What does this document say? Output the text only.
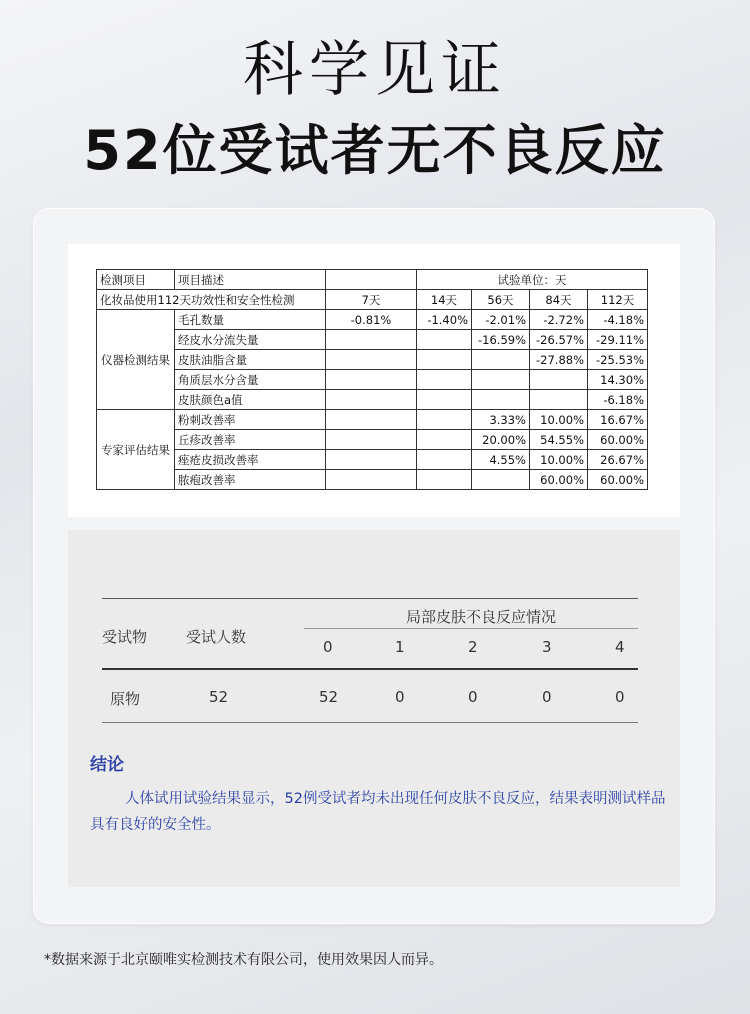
科学见证
52位受试者无不良反应
检测项目	项目描述		试验单位：天			
化妆品使用112天功效性和安全性检测		7天	14天	56天	84天	112天
仪器检测结果	毛孔数量	-0.81%	-1.40%	-2.01%	-2.72%	-4.18%
	经皮水分流失量			-16.59%	-26.57%	-29.11%
	皮肤油脂含量				-27.88%	-25.53%
	角质层水分含量					14.30%
	皮肤颜色a值					-6.18%
专家评估结果	粉刺改善率			3.33%	10.00%	16.67%
	丘疹改善率			20.00%	54.55%	60.00%
	痤疮皮损改善率			4.55%	10.00%	26.67%
	脓疱改善率				60.00%	60.00%
受试物	受试人数
局部皮肤不良反应情况
0	1	2	3	4
原物	52	52	0	0	0	0
结论
人体试用试验结果显示，52例受试者均未出现任何皮肤不良反应，结果表明测试样品具有良好的安全性。
*数据来源于北京颐唯实检测技术有限公司，使用效果因人而异。
